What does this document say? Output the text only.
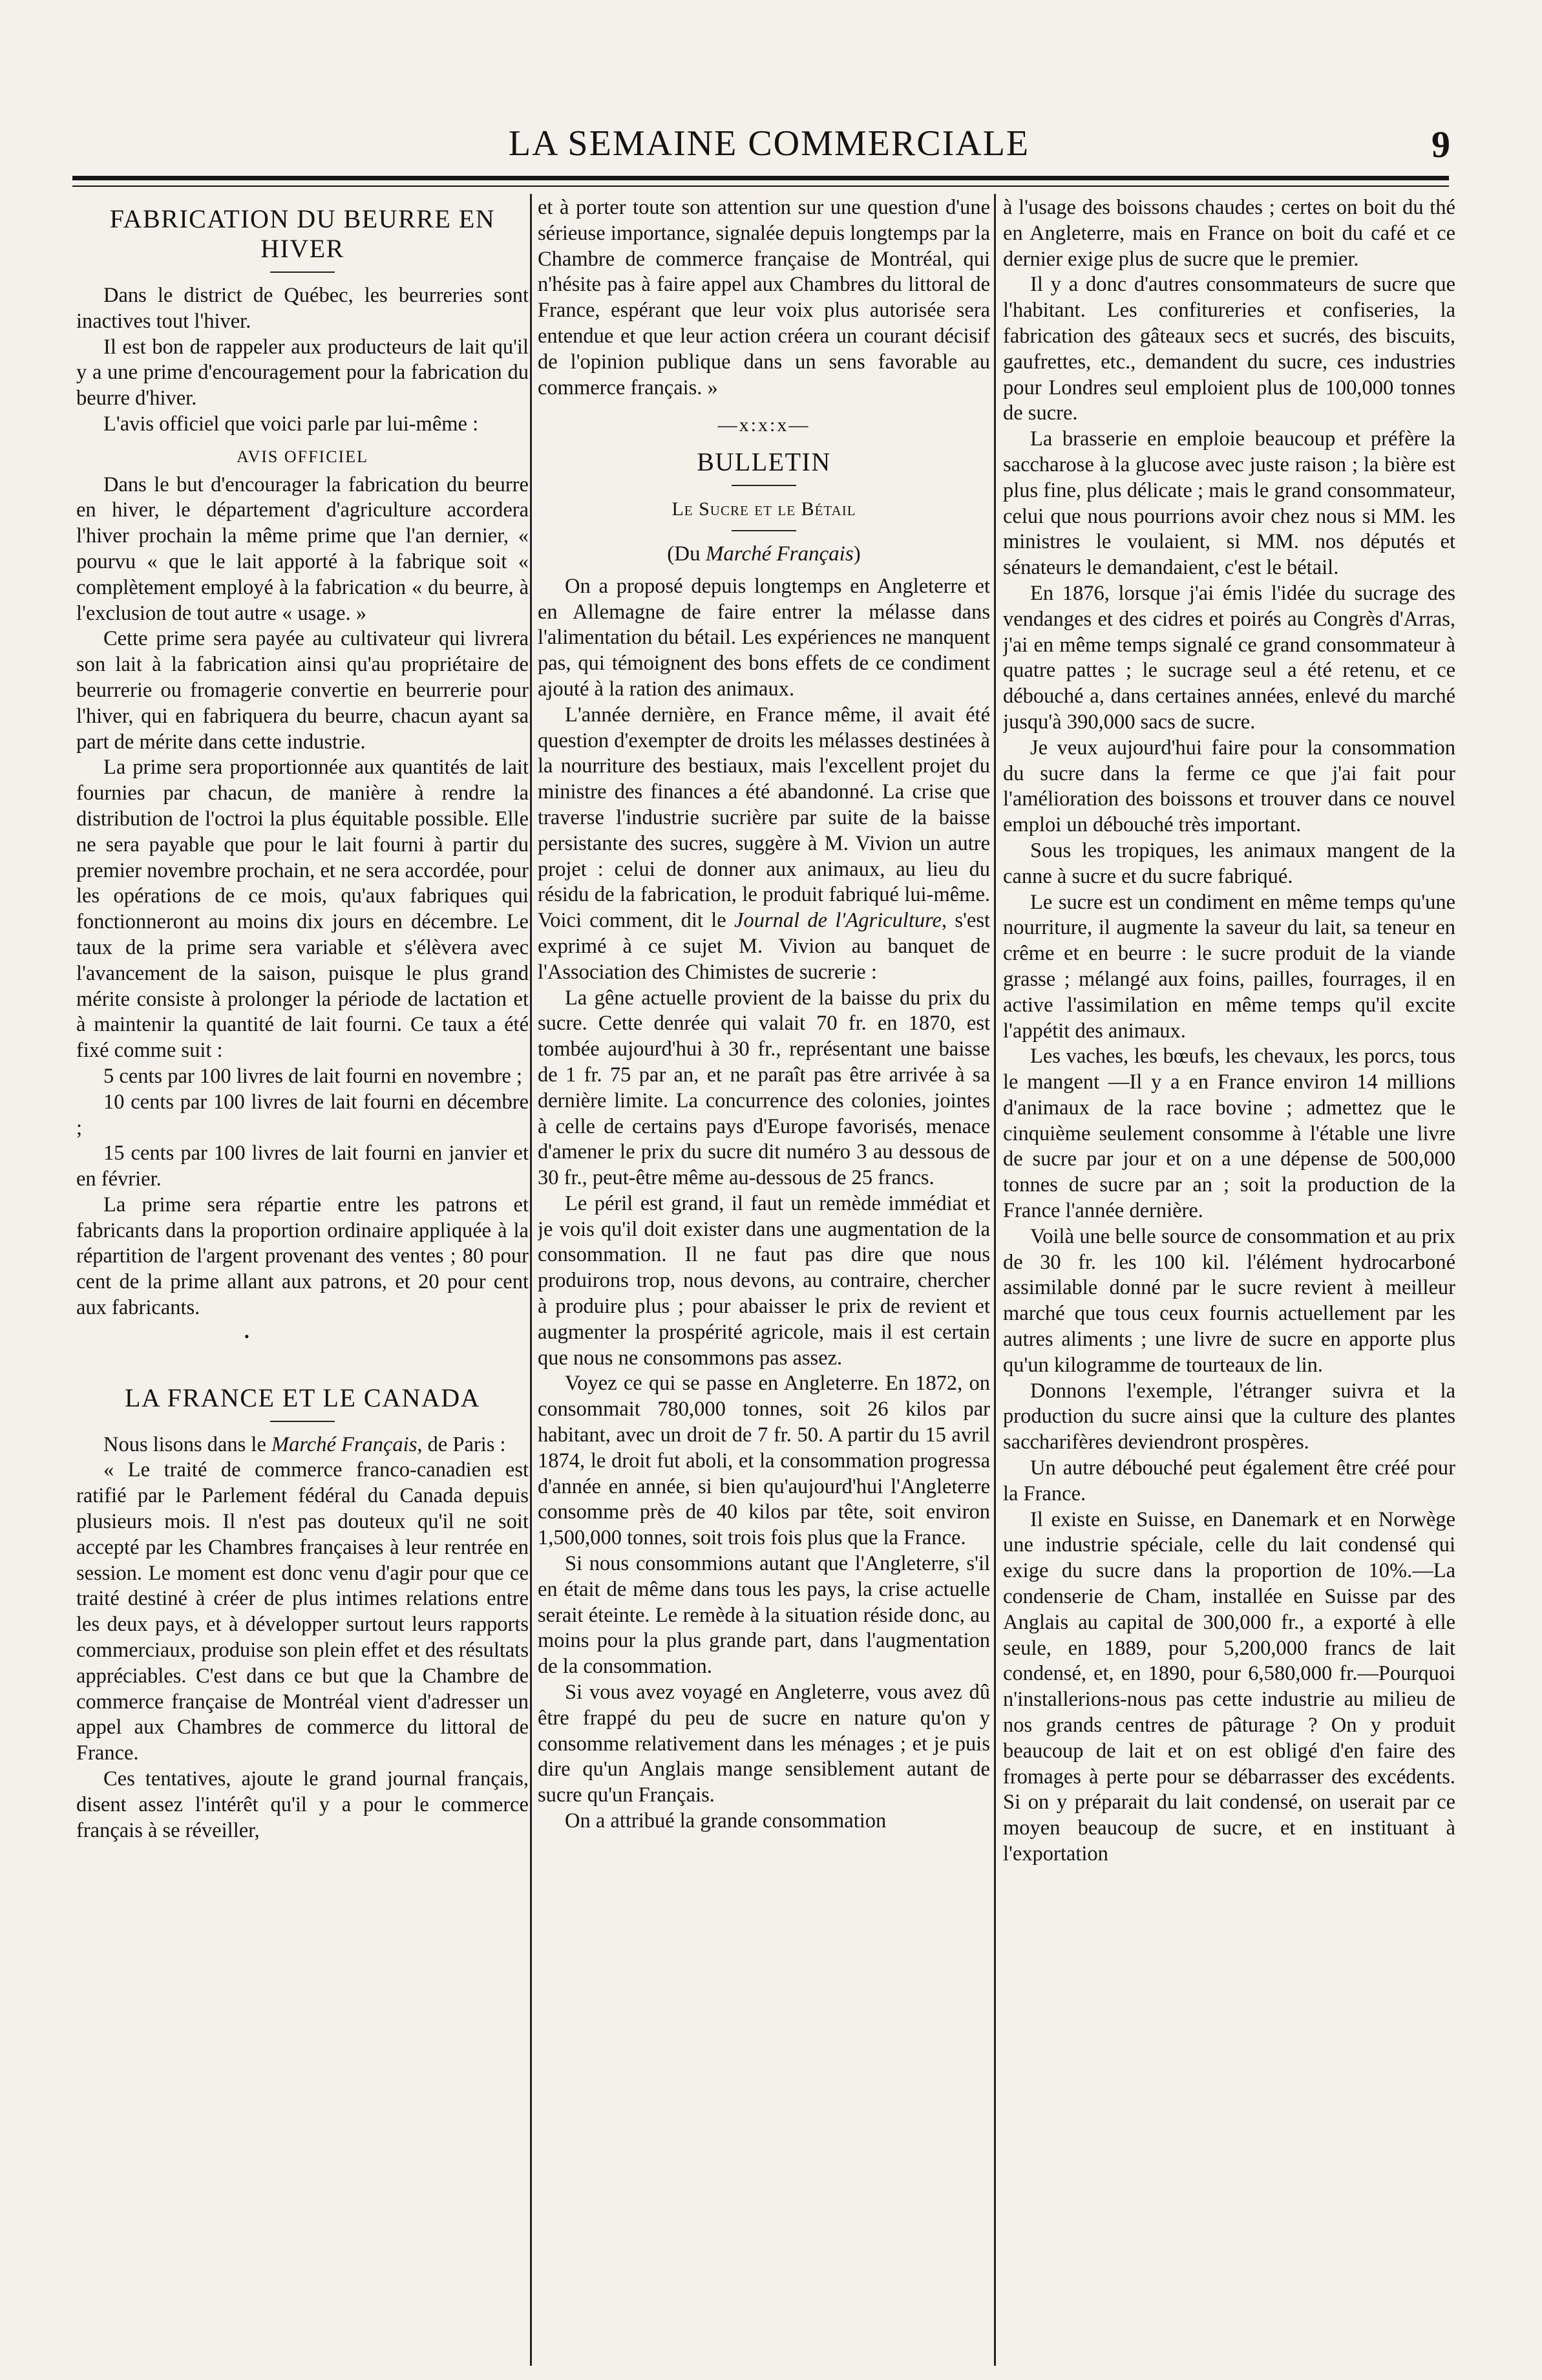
LA SEMAINE COMMERCIALE	9
FABRICATION DU BEURRE EN HIVER

Dans le district de Québec, les beurreries sont inactives tout l'hiver.

Il est bon de rappeler aux producteurs de lait qu'il y a une prime d'encouragement pour la fabrication du beurre d'hiver.

L'avis officiel que voici parle par lui-même :

AVIS OFFICIEL

Dans le but d'encourager la fabrication du beurre en hiver, le département d'agriculture accordera l'hiver prochain la même prime que l'an dernier, « pourvu « que le lait apporté à la fabrique soit « complètement employé à la fabrication « du beurre, à l'exclusion de tout autre « usage. »

Cette prime sera payée au cultivateur qui livrera son lait à la fabrication ainsi qu'au propriétaire de beurrerie ou fromagerie convertie en beurrerie pour l'hiver, qui en fabriquera du beurre, chacun ayant sa part de mérite dans cette industrie.

La prime sera proportionnée aux quantités de lait fournies par chacun, de manière à rendre la distribution de l'octroi la plus équitable possible. Elle ne sera payable que pour le lait fourni à partir du premier novembre prochain, et ne sera accordée, pour les opérations de ce mois, qu'aux fabriques qui fonctionneront au moins dix jours en décembre. Le taux de la prime sera variable et s'élèvera avec l'avancement de la saison, puisque le plus grand mérite consiste à prolonger la période de lactation et à maintenir la quantité de lait fourni. Ce taux a été fixé comme suit :

5 cents par 100 livres de lait fourni en novembre ;

10 cents par 100 livres de lait fourni en décembre ;

15 cents par 100 livres de lait fourni en janvier et en février.

La prime sera répartie entre les patrons et fabricants dans la proportion ordinaire appliquée à la répartition de l'argent provenant des ventes ; 80 pour cent de la prime allant aux patrons, et 20 pour cent aux fabricants.

•
LA FRANCE ET LE CANADA

Nous lisons dans le Marché Français, de Paris :

« Le traité de commerce franco-canadien est ratifié par le Parlement fédéral du Canada depuis plusieurs mois. Il n'est pas douteux qu'il ne soit accepté par les Chambres françaises à leur rentrée en session. Le moment est donc venu d'agir pour que ce traité destiné à créer de plus intimes relations entre les deux pays, et à développer surtout leurs rapports commerciaux, produise son plein effet et des résultats appréciables. C'est dans ce but que la Chambre de commerce française de Montréal vient d'adresser un appel aux Chambres de commerce du littoral de France.

Ces tentatives, ajoute le grand journal français, disent assez l'intérêt qu'il y a pour le commerce français à se réveiller,

et à porter toute son attention sur une question d'une sérieuse importance, signalée depuis longtemps par la Chambre de commerce française de Montréal, qui n'hésite pas à faire appel aux Chambres du littoral de France, espérant que leur voix plus autorisée sera entendue et que leur action créera un courant décisif de l'opinion publique dans un sens favorable au commerce français. »

—x:x:x—
BULLETIN
Le Sucre et le Bétail
(Du Marché Français)

On a proposé depuis longtemps en Angleterre et en Allemagne de faire entrer la mélasse dans l'alimentation du bétail. Les expériences ne manquent pas, qui témoignent des bons effets de ce condiment ajouté à la ration des animaux.

L'année dernière, en France même, il avait été question d'exempter de droits les mélasses destinées à la nourriture des bestiaux, mais l'excellent projet du ministre des finances a été abandonné. La crise que traverse l'industrie sucrière par suite de la baisse persistante des sucres, suggère à M. Vivion un autre projet : celui de donner aux animaux, au lieu du résidu de la fabrication, le produit fabriqué lui-même. Voici comment, dit le Journal de l'Agriculture, s'est exprimé à ce sujet M. Vivion au banquet de l'Association des Chimistes de sucrerie :

La gêne actuelle provient de la baisse du prix du sucre. Cette denrée qui valait 70 fr. en 1870, est tombée aujourd'hui à 30 fr., représentant une baisse de 1 fr. 75 par an, et ne paraît pas être arrivée à sa dernière limite. La concurrence des colonies, jointes à celle de certains pays d'Europe favorisés, menace d'amener le prix du sucre dit numéro 3 au dessous de 30 fr., peut-être même au-dessous de 25 francs.

Le péril est grand, il faut un remède immédiat et je vois qu'il doit exister dans une augmentation de la consommation. Il ne faut pas dire que nous produirons trop, nous devons, au contraire, chercher à produire plus ; pour abaisser le prix de revient et augmenter la prospérité agricole, mais il est certain que nous ne consommons pas assez.

Voyez ce qui se passe en Angleterre. En 1872, on consommait 780,000 tonnes, soit 26 kilos par habitant, avec un droit de 7 fr. 50. A partir du 15 avril 1874, le droit fut aboli, et la consommation progressa d'année en année, si bien qu'aujourd'hui l'Angleterre consomme près de 40 kilos par tête, soit environ 1,500,000 tonnes, soit trois fois plus que la France.

Si nous consommions autant que l'Angleterre, s'il en était de même dans tous les pays, la crise actuelle serait éteinte. Le remède à la situation réside donc, au moins pour la plus grande part, dans l'augmentation de la consommation.

Si vous avez voyagé en Angleterre, vous avez dû être frappé du peu de sucre en nature qu'on y consomme relativement dans les ménages ; et je puis dire qu'un Anglais mange sensiblement autant de sucre qu'un Français.

On a attribué la grande consommation

à l'usage des boissons chaudes ; certes on boit du thé en Angleterre, mais en France on boit du café et ce dernier exige plus de sucre que le premier.

Il y a donc d'autres consommateurs de sucre que l'habitant. Les confitureries et confiseries, la fabrication des gâteaux secs et sucrés, des biscuits, gaufrettes, etc., demandent du sucre, ces industries pour Londres seul emploient plus de 100,000 tonnes de sucre.

La brasserie en emploie beaucoup et préfère la saccharose à la glucose avec juste raison ; la bière est plus fine, plus délicate ; mais le grand consommateur, celui que nous pourrions avoir chez nous si MM. les ministres le voulaient, si MM. nos députés et sénateurs le demandaient, c'est le bétail.

En 1876, lorsque j'ai émis l'idée du sucrage des vendanges et des cidres et poirés au Congrès d'Arras, j'ai en même temps signalé ce grand consommateur à quatre pattes ; le sucrage seul a été retenu, et ce débouché a, dans certaines années, enlevé du marché jusqu'à 390,000 sacs de sucre.

Je veux aujourd'hui faire pour la consommation du sucre dans la ferme ce que j'ai fait pour l'amélioration des boissons et trouver dans ce nouvel emploi un débouché très important.

Sous les tropiques, les animaux mangent de la canne à sucre et du sucre fabriqué.

Le sucre est un condiment en même temps qu'une nourriture, il augmente la saveur du lait, sa teneur en crême et en beurre : le sucre produit de la viande grasse ; mélangé aux foins, pailles, fourrages, il en active l'assimilation en même temps qu'il excite l'appétit des animaux.

Les vaches, les bœufs, les chevaux, les porcs, tous le mangent —Il y a en France environ 14 millions d'animaux de la race bovine ; admettez que le cinquième seulement consomme à l'étable une livre de sucre par jour et on a une dépense de 500,000 tonnes de sucre par an ; soit la production de la France l'année dernière.

Voilà une belle source de consommation et au prix de 30 fr. les 100 kil. l'élément hydrocarboné assimilable donné par le sucre revient à meilleur marché que tous ceux fournis actuellement par les autres aliments ; une livre de sucre en apporte plus qu'un kilogramme de tourteaux de lin.

Donnons l'exemple, l'étranger suivra et la production du sucre ainsi que la culture des plantes saccharifères deviendront prospères.

Un autre débouché peut également être créé pour la France.

Il existe en Suisse, en Danemark et en Norwège une industrie spéciale, celle du lait condensé qui exige du sucre dans la proportion de 10%.—La condenserie de Cham, installée en Suisse par des Anglais au capital de 300,000 fr., a exporté à elle seule, en 1889, pour 5,200,000 francs de lait condensé, et, en 1890, pour 6,580,000 fr.—Pourquoi n'installerions-nous pas cette industrie au milieu de nos grands centres de pâturage ? On y produit beaucoup de lait et on est obligé d'en faire des fromages à perte pour se débarrasser des excédents. Si on y préparait du lait condensé, on userait par ce moyen beaucoup de sucre, et en instituant à l'exportation
